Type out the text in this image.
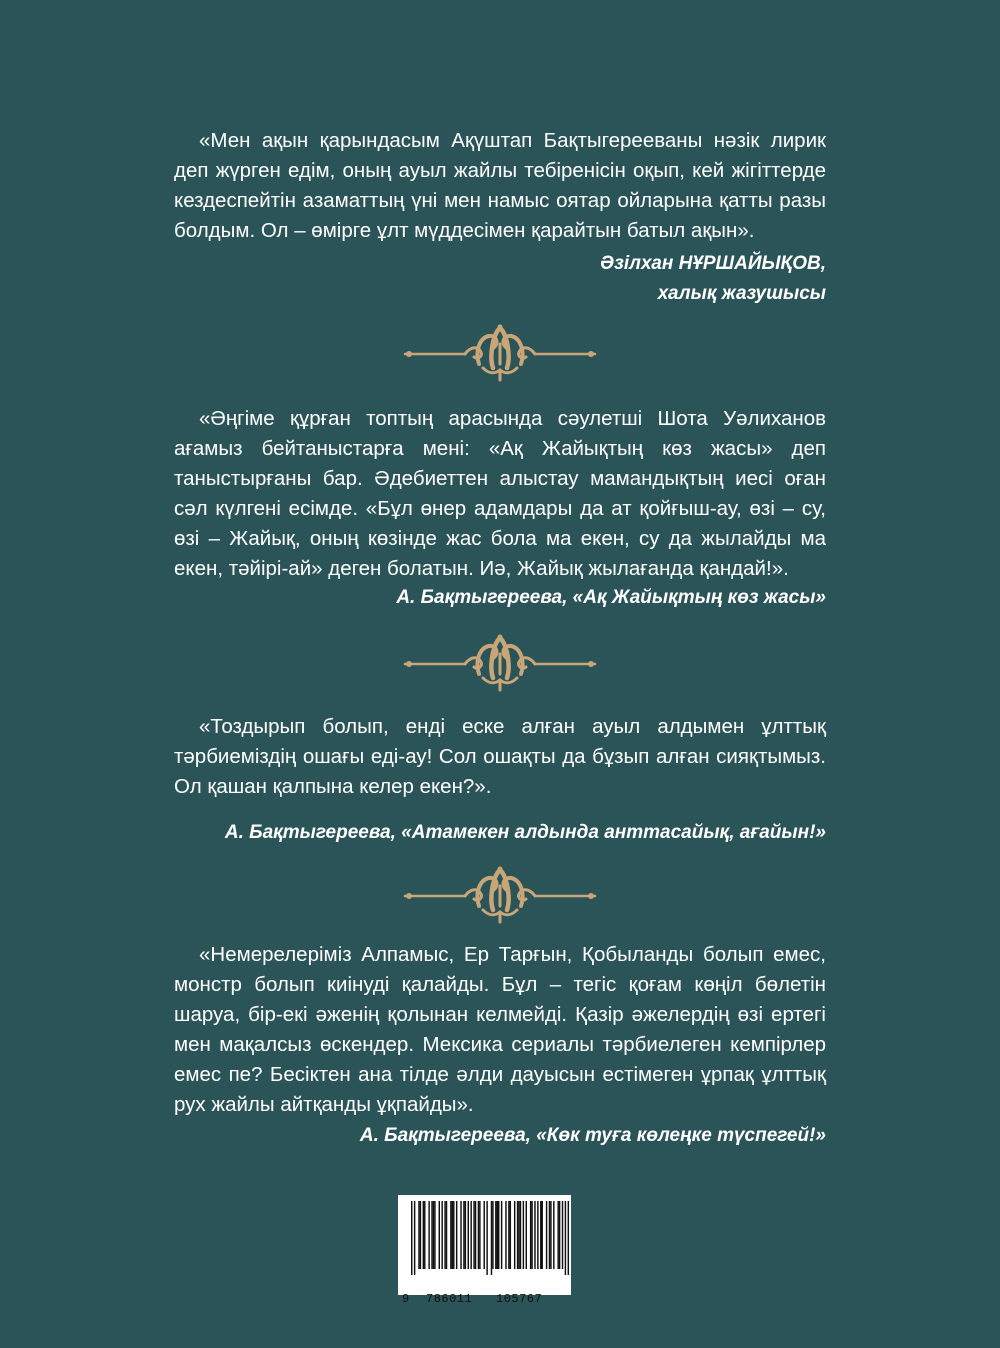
«Мен ақын қарындасым Ақүштап Бақтыгерееваны нәзік лирик деп жүрген едім, оның ауыл жайлы тебіренісін оқып, кей жігіттерде кездеспейтін азаматтың үні мен намыс оятар ойларына қатты разы болдым. Ол – өмірге ұлт мүддесімен қарайтын батыл ақын».

Әзілхан НҰРШАЙЫҚОВ,
халық жазушысы

«Әңгіме құрған топтың арасында сәулетші Шота Уәлиханов ағамыз бейтаныстарға мені: «Ақ Жайықтың көз жасы» деп таныстырғаны бар. Әдебиеттен алыстау мамандықтың иесі оған сәл күлгені есімде. «Бұл өнер адамдары да ат қойғыш-ау, өзі – су, өзі – Жайық, оның көзінде жас бола ма екен, су да жылайды ма екен, тәйірі-ай» деген болатын. Иә, Жайық жылағанда қандай!».

А. Бақтыгереева, «Ақ Жайықтың көз жасы»

«Тоздырып болып, енді еске алған ауыл алдымен ұлттық тәрбиеміздің ошағы еді-ау! Сол ошақты да бұзып алған сияқтымыз. Ол қашан қалпына келер екен?».

А. Бақтыгереева, «Атамекен алдында анттасайық, ағайын!»

«Немерелеріміз Алпамыс, Ер Тарғын, Қобыланды болып емес, монстр болып киінуді қалайды. Бұл – тегіс қоғам көңіл бөлетін шаруа, бір-екі әженің қолынан келмейді. Қазір әжелердің өзі ертегі мен мақалсыз өскендер. Мексика сериалы тәрбиелеген кемпірлер емес пе? Бесіктен ана тілде әлди дауысын естімеген ұрпақ ұлттық рух жайлы айтқанды ұқпайды».

А. Бақтыгереева, «Көк туға көлеңке түспегей!»

9 786011 105767
